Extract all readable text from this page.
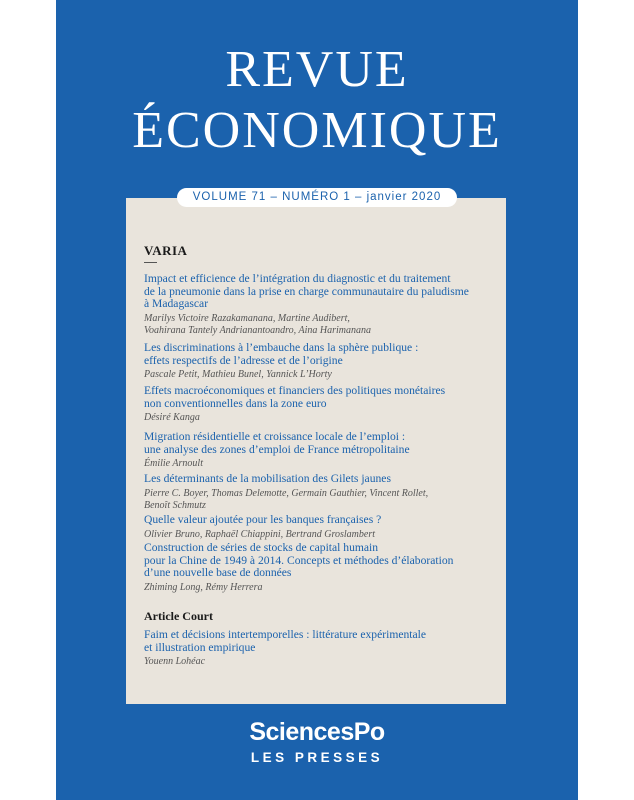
REVUE
ÉCONOMIQUE
VARIA
Impact et efficience de l’intégration du diagnostic et du traitement
de la pneumonie dans la prise en charge communautaire du paludisme
à Madagascar
Marilys Victoire Razakamanana, Martine Audibert,
Voahirana Tantely Andrianantoandro, Aina Harimanana
Les discriminations à l’embauche dans la sphère publique :
effets respectifs de l’adresse et de l’origine
Pascale Petit, Mathieu Bunel, Yannick L’Horty
Effets macroéconomiques et financiers des politiques monétaires
non conventionnelles dans la zone euro
Désiré Kanga
Migration résidentielle et croissance locale de l’emploi :
une analyse des zones d’emploi de France métropolitaine
Émilie Arnoult
Les déterminants de la mobilisation des Gilets jaunes
Pierre C. Boyer, Thomas Delemotte, Germain Gauthier, Vincent Rollet,
Benoît Schmutz
Quelle valeur ajoutée pour les banques françaises ?
Olivier Bruno, Raphaël Chiappini, Bertrand Groslambert
Construction de séries de stocks de capital humain
pour la Chine de 1949 à 2014. Concepts et méthodes d’élaboration
d’une nouvelle base de données
Zhiming Long, Rémy Herrera
Article Court
Faim et décisions intertemporelles : littérature expérimentale
et illustration empirique
Youenn Lohéac
VOLUME 71 – NUMÉRO 1 – janvier 2020
SciencesPo
LES PRESSES
